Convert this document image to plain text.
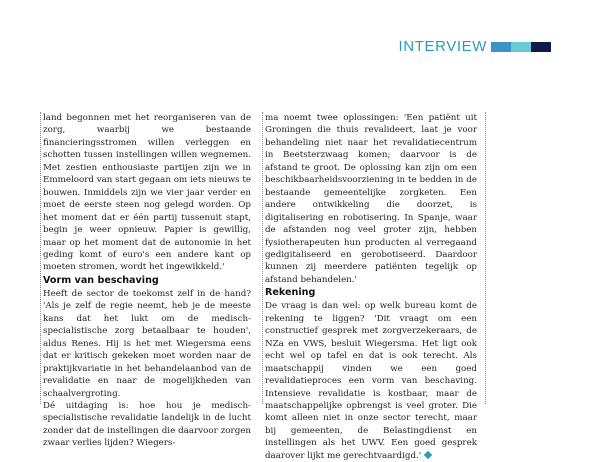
INTERVIEW

land begonnen met het reorganiseren van de zorg, waarbij we bestaande financieringsstromen willen verleggen en schotten tussen instellingen willen wegnemen. Met zestien enthousiaste partijen zijn we in Emmeloord van start gegaan om iets nieuws te bouwen. Inmiddels zijn we vier jaar verder en moet de eerste steen nog gelegd worden. Op het moment dat er één partij tussenuit stapt, begin je weer opnieuw. Papier is gewillig, maar op het moment dat de autonomie in het geding komt of euro's een andere kant op moeten stromen, wordt het ingewikkeld.'

Vorm van beschaving

Heeft de sector de toekomst zelf in de hand? 'Als je zelf de regie neemt, heb je de meeste kans dat het lukt om de medisch-specialistische zorg betaalbaar te houden', aldus Renes. Hij is het met Wiegersma eens dat er kritisch gekeken moet worden naar de praktijkvariatie in het behandelaanbod van de revalidatie en naar de mogelijkheden van schaalvergroting.

Dé uitdaging is: hoe hou je medisch-specialistische revalidatie landelijk in de lucht zonder dat de instellingen die daarvoor zorgen zwaar verlies lijden? Wiegers-

ma noemt twee oplossingen: 'Een patiënt uit Groningen die thuis revalideert, laat je voor behandeling niet naar het revalidatiecentrum in Beetsterzwaag komen; daarvoor is de afstand te groot. De oplossing kan zijn om een beschikbaarheidsvoorziening in te bedden in de bestaande gemeentelijke zorgketen. Een andere ontwikkeling die doorzet, is digitalisering en robotisering. In Spanje, waar de afstanden nog veel groter zijn, hebben fysiotherapeuten hun producten al verregaand gedigitaliseerd en gerobotiseerd. Daardoor kunnen zij meerdere patiënten tegelijk op afstand behandelen.'

Rekening

De vraag is dan wel: op welk bureau komt de rekening te liggen? 'Dit vraagt om een constructief gesprek met zorgverzekeraars, de NZa en VWS, besluit Wiegersma. Het ligt ook echt wel op tafel en dat is ook terecht. Als maatschappij vinden we een goed revalidatieproces een vorm van beschaving. Intensieve revalidatie is kostbaar, maar de maatschappelijke opbrengst is veel groter. Die komt alleen niet in onze sector terecht, maar bij gemeenten, de Belastingdienst en instellingen als het UWV. Een goed gesprek daarover lijkt me gerechtvaardigd.'
